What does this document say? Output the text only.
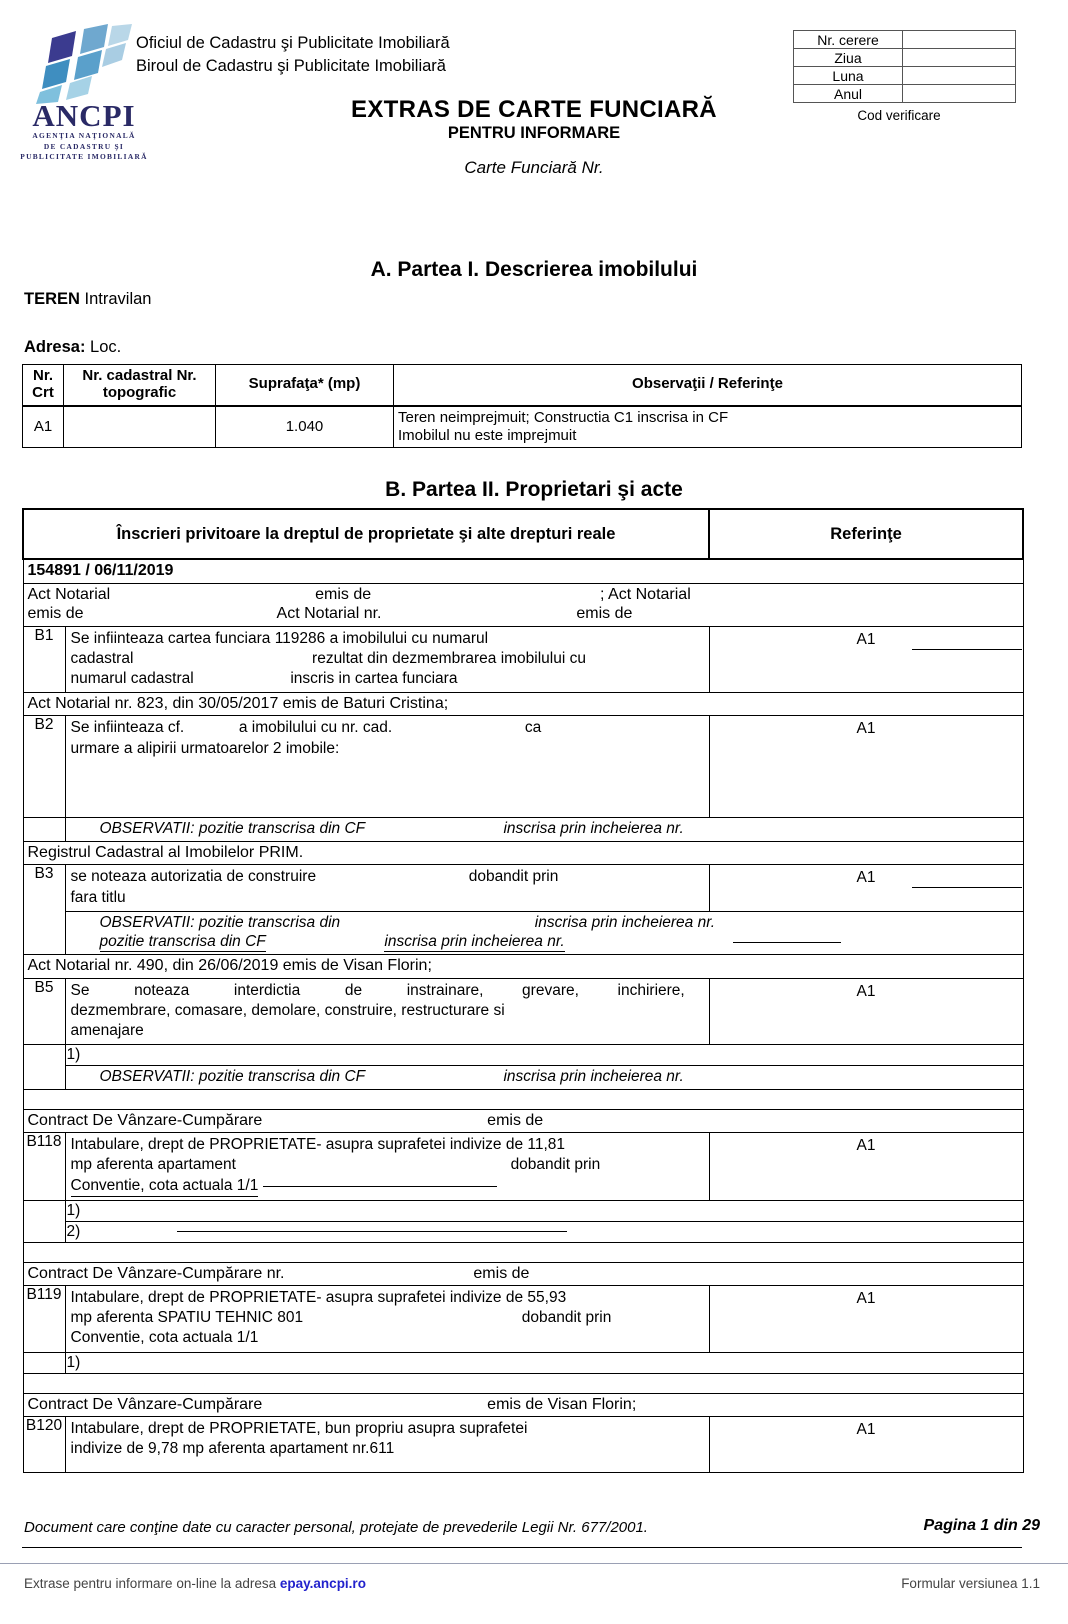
ANCPI
AGENŢIA NAŢIONALĂ
DE CADASTRU ŞI
PUBLICITATE IMOBILIARĂ
Oficiul de Cadastru şi Publicitate Imobiliară
Biroul de Cadastru şi Publicitate Imobiliară
Nr. cerere	
Ziua	
Luna	
Anul	
Cod verificare
EXTRAS DE CARTE FUNCIARĂ
PENTRU INFORMARE
Carte Funciară Nr.
A. Partea I. Descrierea imobilului
TEREN Intravilan
Adresa: Loc.
Nr.
Crt

Nr. cadastral Nr.
topografic	Suprafaţa* (mp)	Observaţii / Referinţe
A1		1.040	Teren neimprejmuit; Constructia C1 inscrisa in CF
Imobilul nu este imprejmuit
B. Partea II. Proprietari şi acte
Înscrieri privitoare la dreptul de proprietate şi alte drepturi reale		Referinţe
154891 / 06/11/2019		

Act Notarial emis de ; Act Notarial
emis de Act Notarial nr. emis de		

B1	Se infiinteaza cartea funciara 119286 a imobilului cu numarul
cadastral rezultat din dezmembrarea imobilului cu
numarul cadastral inscris in cartea funciara	A1

Act Notarial nr. 823, din 30/05/2017 emis de Baturi Cristina;		
B2	Se infiinteaza cf. a imobilului cu nr. cad. ca
urmare a alipirii urmatoarelor 2 imobile:	A1
	OBSERVATII: pozitie transcrisa din CF inscrisa prin incheierea nr.	
Registrul Cadastral al Imobilelor PRIM.		
B3	se noteaza autorizatia de construire dobandit prin
fara titlu	A1

	OBSERVATII: pozitie transcrisa din inscrisa prin incheierea nr.
pozitie transcrisa din CF inscrisa prin incheierea nr.	

Act Notarial nr. 490, din 26/06/2019 emis de Visan Florin;		
B5	Se noteaza interdictia de instrainare, grevare, inchiriere,
dezmembrare, comasare, demolare, construire, restructurare si
amenajare	A1
	1)	
	OBSERVATII: pozitie transcrisa din CF inscrisa prin incheierea nr.	

Contract De Vânzare-Cumpărare emis de		
B118	Intabulare, drept de PROPRIETATE- asupra suprafetei indivize de 11,81
mp aferenta apartament dobandit prin
Conventie, cota actuala 1/1	A1
	1)	
	2)	

Contract De Vânzare-Cumpărare nr. emis de		
B119	Intabulare, drept de PROPRIETATE- asupra suprafetei indivize de 55,93
mp aferenta SPATIU TEHNIC 801 dobandit prin
Conventie, cota actuala 1/1	A1
	1)	

Contract De Vânzare-Cumpărare emis de Visan Florin;		
B120	Intabulare, drept de PROPRIETATE, bun propriu asupra suprafetei
indivize de 9,78 mp aferenta apartament nr.611	A1
Document care conţine date cu caracter personal, protejate de prevederile Legii Nr. 677/2001.	Pagina 1 din 29
Extrase pentru informare on-line la adresa epay.ancpi.ro	Formular versiunea 1.1
